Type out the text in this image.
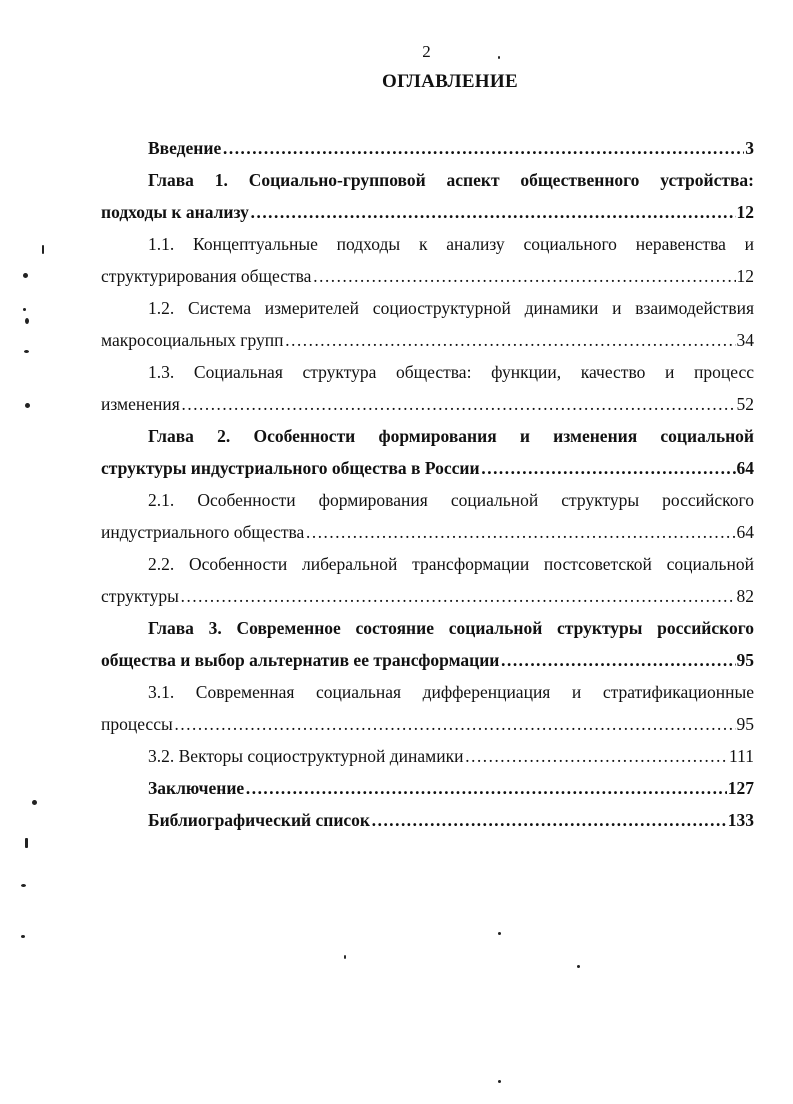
2
ОГЛАВЛЕНИЕ
Введение ……………………………………………………………………………………………………………………………………………………………………………………………………………………	3
Глава 1. Социально-групповой аспект общественного устройства:
подходы к анализу ……………………………………………………………………………………………………………………………………………………………………………………………………………………	12
1.1. Концептуальные подходы к анализу социального неравенства и
структурирования общества ……………………………………………………………………………………………………………………………………………………………………………………………………………………	12
1.2. Система измерителей социоструктурной динамики и взаимодействия
макросоциальных групп ……………………………………………………………………………………………………………………………………………………………………………………………………………………	34
1.3. Социальная структура общества: функции, качество и процесс
изменения ……………………………………………………………………………………………………………………………………………………………………………………………………………………	52
Глава 2. Особенности формирования и изменения социальной
структуры индустриального общества в России ……………………………………………………………………………………………………………………………………………………………………………………………………………………	64
2.1. Особенности формирования социальной структуры российского
индустриального общества ……………………………………………………………………………………………………………………………………………………………………………………………………………………	64
2.2. Особенности либеральной трансформации постсоветской социальной
структуры ……………………………………………………………………………………………………………………………………………………………………………………………………………………	82
Глава 3. Современное состояние социальной структуры российского
общества и выбор альтернатив ее трансформации ……………………………………………………………………………………………………………………………………………………………………………………………………………………	95
3.1. Современная социальная дифференциация и стратификационные
процессы ……………………………………………………………………………………………………………………………………………………………………………………………………………………	95
3.2. Векторы социоструктурной динамики ……………………………………………………………………………………………………………………………………………………………………………………………………………………	111
Заключение ……………………………………………………………………………………………………………………………………………………………………………………………………………………	127
Библиографический список ……………………………………………………………………………………………………………………………………………………………………………………………………………………	133
